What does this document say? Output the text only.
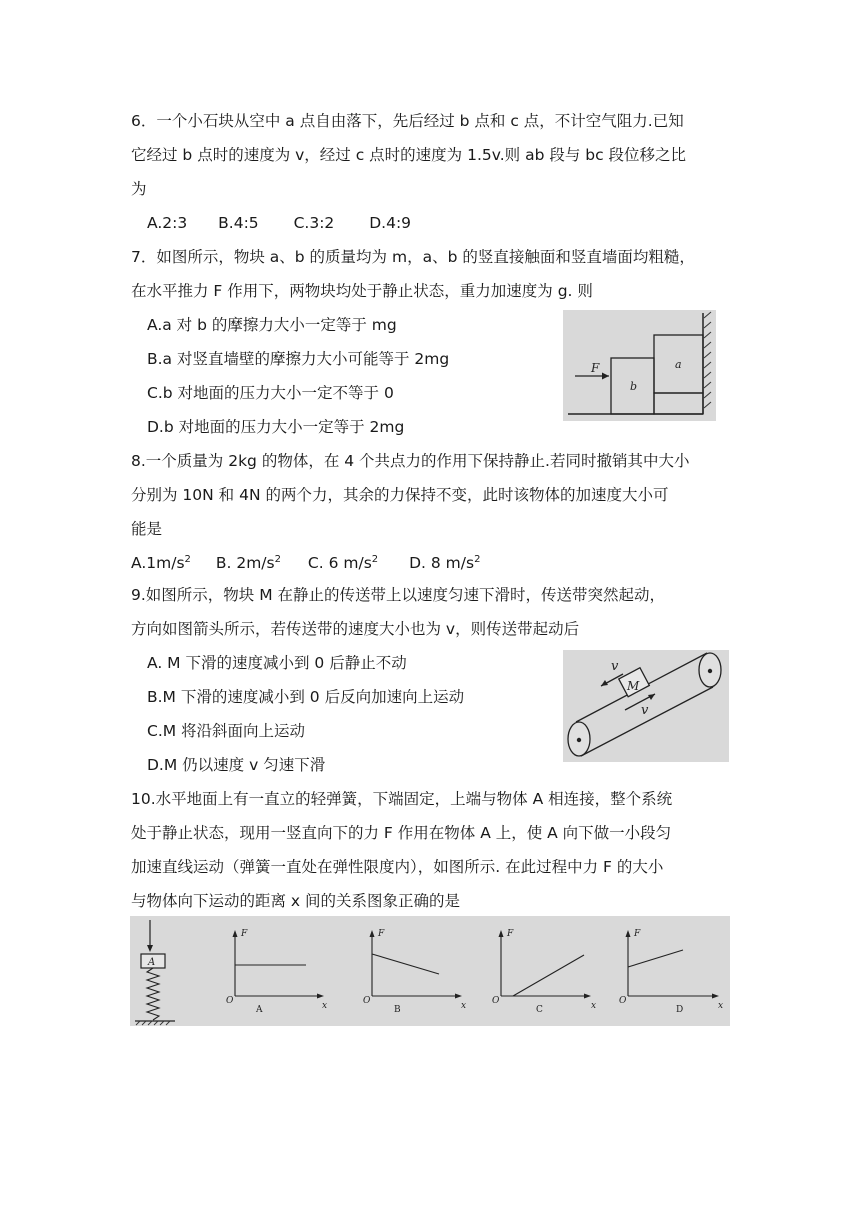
6．一个小石块从空中 a 点自由落下，先后经过 b 点和 c 点，不计空气阻力.已知
它经过 b 点时的速度为 v，经过 c 点时的速度为 1.5v.则 ab 段与 bc 段位移之比
为
A.2:3 B.4:5 C.3:2 D.4:9
7．如图所示，物块 a、b 的质量均为 m，a、b 的竖直接触面和竖直墙面均粗糙，
在水平推力 F 作用下，两物块均处于静止状态，重力加速度为 g. 则
A.a 对 b 的摩擦力大小一定等于 mg
B.a 对竖直墙壁的摩擦力大小可能等于 2mg
C.b 对地面的压力大小一定不等于 0
D.b 对地面的压力大小一定等于 2mg
F
b
a
8.一个质量为 2kg 的物体，在 4 个共点力的作用下保持静止.若同时撤销其中大小
分别为 10N 和 4N 的两个力，其余的力保持不变，此时该物体的加速度大小可
能是
$A.1m/s^2$ B. $2m/s^2$ C. 6 $m/s^2$ D. 8 $m/s^2$
9.如图所示，物块 M 在静止的传送带上以速度匀速下滑时，传送带突然起动，
方向如图箭头所示，若传送带的速度大小也为 v，则传送带起动后
A. M 下滑的速度减小到 0 后静止不动
B.M 下滑的速度减小到 0 后反向加速向上运动
C.M 将沿斜面向上运动
D.M 仍以速度 v 匀速下滑
M
v
v
10.水平地面上有一直立的轻弹簧，下端固定，上端与物体 A 相连接，整个系统
处于静止状态，现用一竖直向下的力 F 作用在物体 A 上，使 A 向下做一小段匀
加速直线运动（弹簧一直处在弹性限度内），如图所示. 在此过程中力 F 的大小
与物体向下运动的距离 x 间的关系图象正确的是
A
F
O	x
A
F
O	x
B
F
O	x
C
F
O	x
D
